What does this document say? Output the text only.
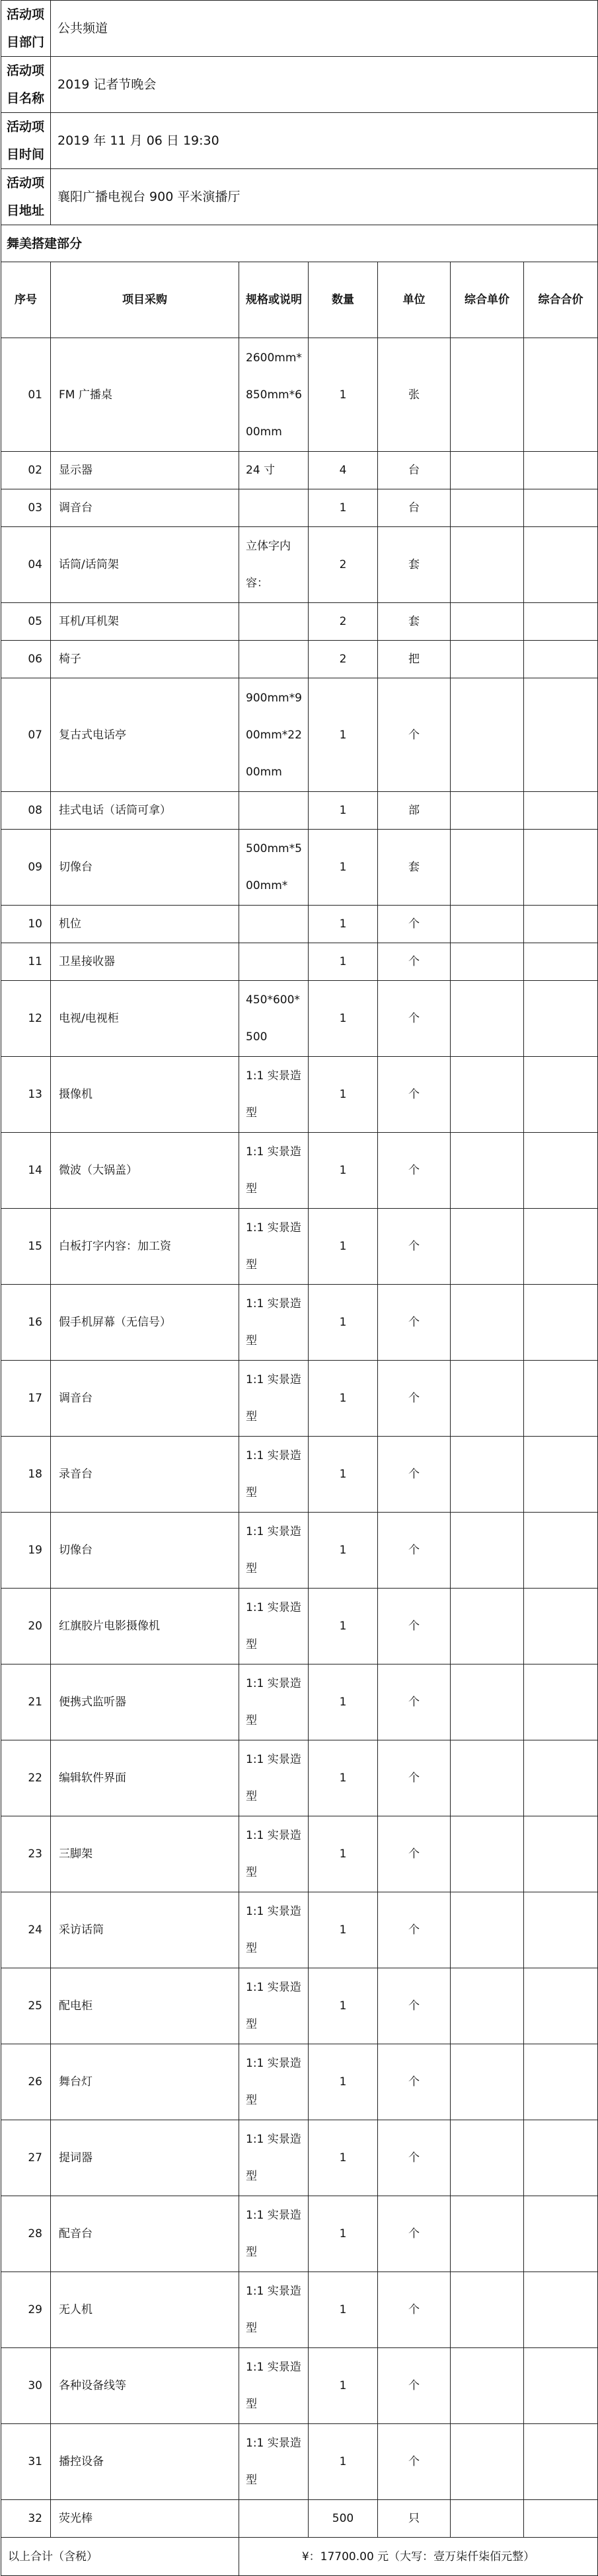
活动项目部门	公共频道					
活动项目名称	2019 记者节晚会					
活动项目时间	2019 年 11 月 06 日 19:30					
活动项目地址	襄阳广播电视台 900 平米演播厅					
舞美搭建部分						
序号	项目采购	规格或说明	数量	单位	综合单价	综合合价
01	FM 广播桌	2600mm*850mm*600mm	1	张		
02	显示器	24 寸	4	台		
03	调音台		1	台		
04	话筒/话筒架	立体字内容：	2	套		
05	耳机/耳机架		2	套		
06	椅子		2	把		
07	复古式电话亭	900mm*900mm*2200mm	1	个		
08	挂式电话（话筒可拿）		1	部		
09	切像台	500mm*500mm*	1	套		
10	机位		1	个		
11	卫星接收器		1	个		
12	电视/电视柜	450*600*500	1	个		
13	摄像机	1:1 实景造型	1	个		
14	微波（大锅盖）	1:1 实景造型	1	个		
15	白板打字内容：加工资	1:1 实景造型	1	个		
16	假手机屏幕（无信号）	1:1 实景造型	1	个		
17	调音台	1:1 实景造型	1	个		
18	录音台	1:1 实景造型	1	个		
19	切像台	1:1 实景造型	1	个		
20	红旗胶片电影摄像机	1:1 实景造型	1	个		
21	便携式监听器	1:1 实景造型	1	个		
22	编辑软件界面	1:1 实景造型	1	个		
23	三脚架	1:1 实景造型	1	个		
24	采访话筒	1:1 实景造型	1	个		
25	配电柜	1:1 实景造型	1	个		
26	舞台灯	1:1 实景造型	1	个		
27	提词器	1:1 实景造型	1	个		
28	配音台	1:1 实景造型	1	个		
29	无人机	1:1 实景造型	1	个		
30	各种设备线等	1:1 实景造型	1	个		
31	播控设备	1:1 实景造型	1	个		
32	荧光棒		500	只		
以上合计（含税）		¥：17700.00 元（大写：壹万柒仟柒佰元整）				
